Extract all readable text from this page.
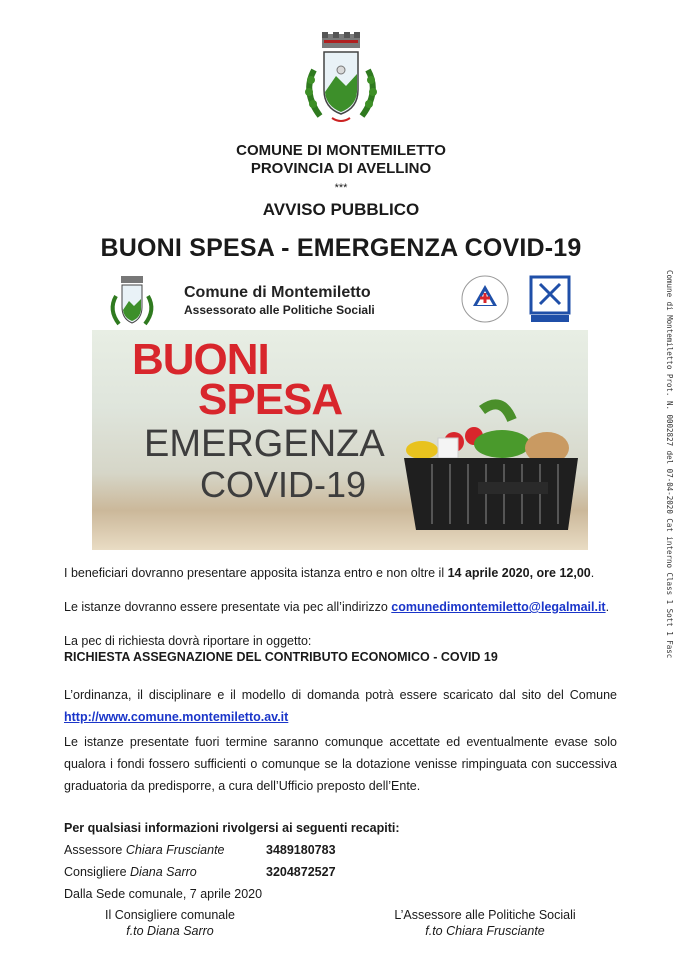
COMUNE DI MONTEMILETTO
PROVINCIA DI AVELLINO
***
AVVISO PUBBLICO
BUONI SPESA - EMERGENZA COVID-19
Comune di Montemiletto Prot. N. 0002827 del 07-04-2020 Cat interno Class 1 Sott 1 Fasc
Comune di Montemiletto
Assessorato alle Politiche Sociali
BUONI
SPESA
EMERGENZA
COVID-19
I beneficiari dovranno presentare apposita istanza entro e non oltre il 14 aprile 2020, ore 12,00.
Le istanze dovranno essere presentate via pec all’indirizzo comunedimontemiletto@legalmail.it.
La pec di richiesta dovrà riportare in oggetto:
RICHIESTA ASSEGNAZIONE DEL CONTRIBUTO ECONOMICO - COVID 19
L’ordinanza, il disciplinare e il modello di domanda potrà essere scaricato dal sito del Comune
http://www.comune.montemiletto.av.it
Le istanze presentate fuori termine saranno comunque accettate ed eventualmente evase solo qualora i fondi fossero sufficienti o comunque se la dotazione venisse rimpinguata con successiva graduatoria da predisporre, a cura dell’Ufficio preposto dell’Ente.
Per qualsiasi informazioni rivolgersi ai seguenti recapiti:
Assessore Chiara Frusciante	3489180783
Consigliere Diana Sarro	3204872527
Dalla Sede comunale, 7 aprile 2020
Il Consigliere comunale
f.to Diana Sarro
L’Assessore alle Politiche Sociali
f.to Chiara Frusciante
